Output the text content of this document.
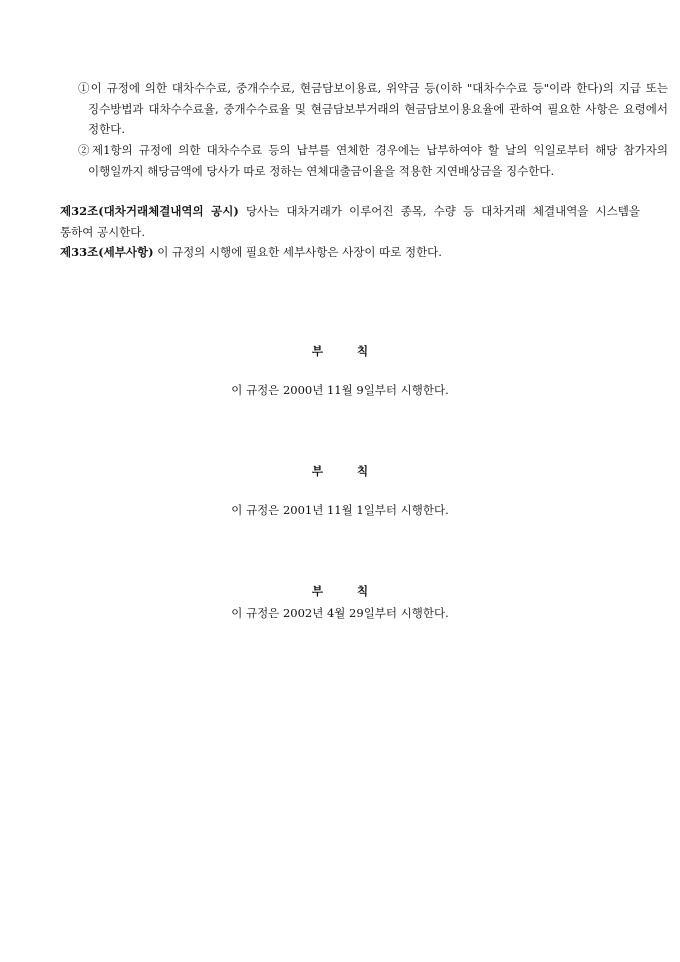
①이 규정에 의한 대차수수료, 중개수수료, 현금담보이용료, 위약금 등(이하 "대차수수료 등"이라 한다)의 지급 또는 징수방법과 대차수수료율, 중개수수료율 및 현금담보부거래의 현금담보이용요율에 관하여 필요한 사항은 요령에서 정한다.
②제1항의 규정에 의한 대차수수료 등의 납부를 연체한 경우에는 납부하여야 할 날의 익일로부터 해당 참가자의 이행일까지 해당금액에 당사가 따로 정하는 연체대출금이율을 적용한 지연배상금을 징수한다.
제32조(대차거래체결내역의 공시) 당사는 대차거래가 이루어진 종목, 수량 등 대차거래 체결내역을 시스템을 통하여 공시한다.
제33조(세부사항) 이 규정의 시행에 필요한 세부사항은 사장이 따로 정한다.
부	칙
이 규정은 2000년 11월 9일부터 시행한다.
부	칙
이 규정은 2001년 11월 1일부터 시행한다.
부	칙
이 규정은 2002년 4월 29일부터 시행한다.
